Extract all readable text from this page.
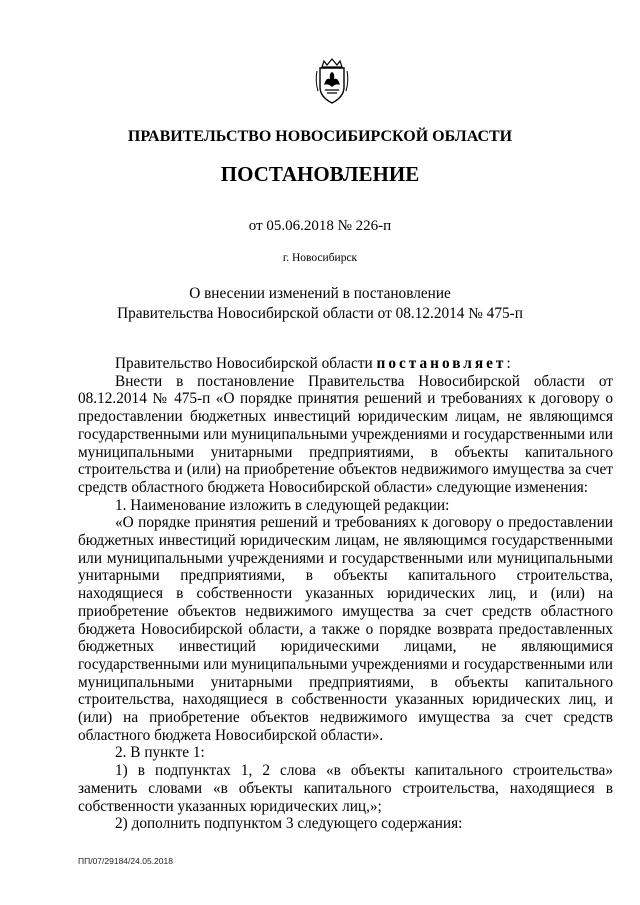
ПРАВИТЕЛЬСТВО НОВОСИБИРСКОЙ ОБЛАСТИ
ПОСТАНОВЛЕНИЕ
от 05.06.2018 № 226-п
г. Новосибирск
О внесении изменений в постановление
Правительства Новосибирской области от 08.12.2014 № 475-п

Правительство Новосибирской области постановляет:

Внести в постановление Правительства Новосибирской области от 08.12.2014 № 475-п «О порядке принятия решений и требованиях к договору о предоставлении бюджетных инвестиций юридическим лицам, не являющимся государственными или муниципальными учреждениями и государственными или муниципальными унитарными предприятиями, в объекты капитального строительства и (или) на приобретение объектов недвижимого имущества за счет средств областного бюджета Новосибирской области» следующие изменения:

1. Наименование изложить в следующей редакции:

«О порядке принятия решений и требованиях к договору о предоставлении бюджетных инвестиций юридическим лицам, не являющимся государственными или муниципальными учреждениями и государственными или муниципальными унитарными предприятиями, в объекты капитального строительства, находящиеся в собственности указанных юридических лиц, и (или) на приобретение объектов недвижимого имущества за счет средств областного бюджета Новосибирской области, а также о порядке возврата предоставленных бюджетных инвестиций юридическими лицами, не являющимися государственными или муниципальными учреждениями и государственными или муниципальными унитарными предприятиями, в объекты капитального строительства, находящиеся в собственности указанных юридических лиц, и (или) на приобретение объектов недвижимого имущества за счет средств областного бюджета Новосибирской области».

2. В пункте 1:

1) в подпунктах 1, 2 слова «в объекты капитального строительства» заменить словами «в объекты капитального строительства, находящиеся в собственности указанных юридических лиц,»;

2) дополнить подпунктом 3 следующего содержания:

ПП/07/29184/24.05.2018
